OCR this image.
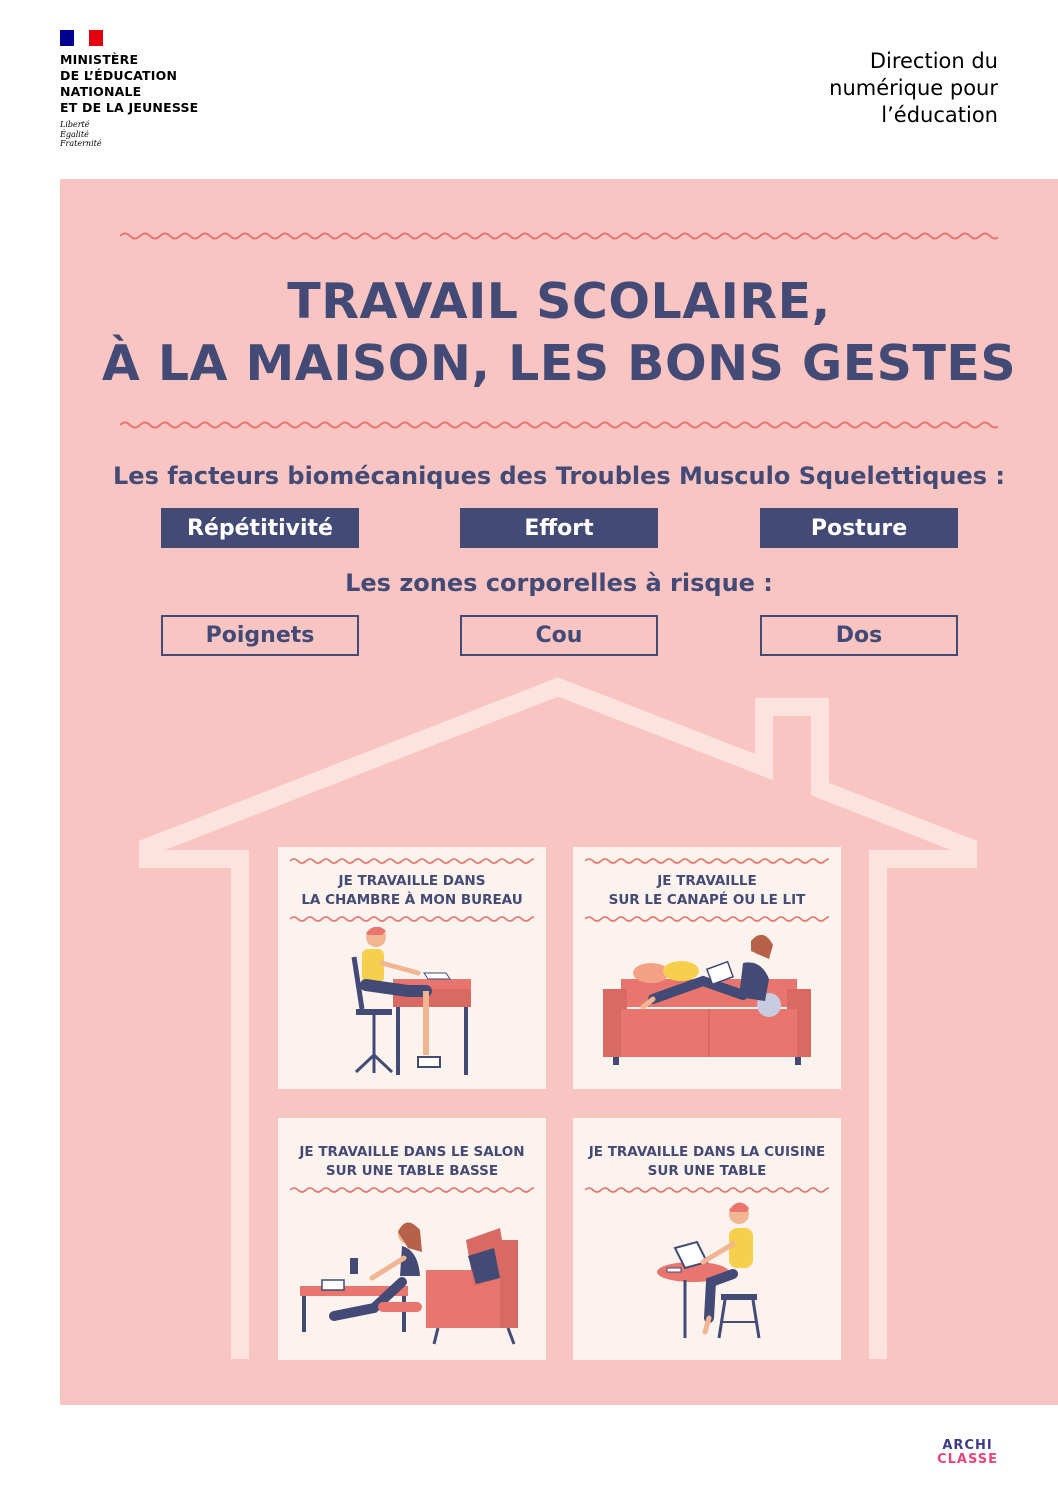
MINISTÈRE
DE L’ÉDUCATION
NATIONALE
ET DE LA JEUNESSE
Liberté
Égalité
Fraternité
Direction du
numérique pour
l’éducation
TRAVAIL SCOLAIRE,
À LA MAISON, LES BONS GESTES
Les facteurs biomécaniques des Troubles Musculo Squelettiques :
Répétitivité	Effort	Posture
Les zones corporelles à risque :
Poignets	Cou	Dos
JE TRAVAILLE DANS
LA CHAMBRE À MON BUREAU
JE TRAVAILLE
SUR LE CANAPÉ OU LE LIT
JE TRAVAILLE DANS LE SALON
SUR UNE TABLE BASSE
JE TRAVAILLE DANS LA CUISINE
SUR UNE TABLE
ARCHI
CLASSE
